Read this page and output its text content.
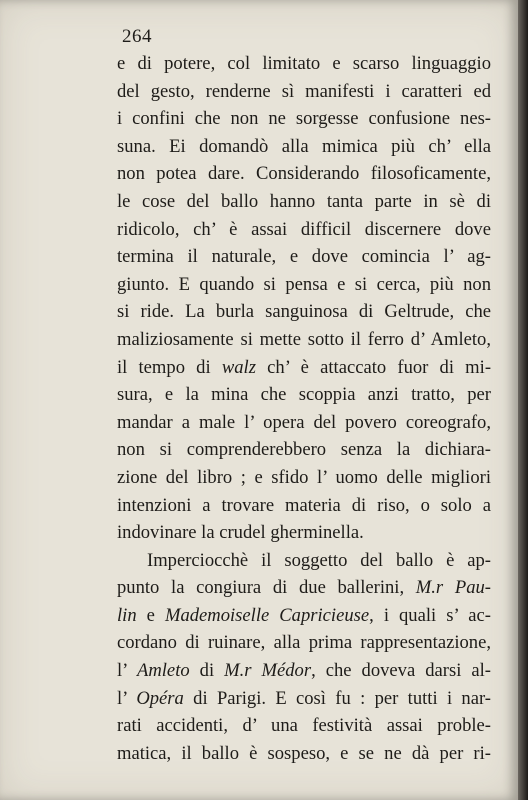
264
e di potere, col limitato e scarso linguaggio
del gesto, renderne sì manifesti i caratteri ed
i confini che non ne sorgesse confusione nes-
suna. Ei domandò alla mimica più ch’ ella
non potea dare. Considerando filosoficamente,
le cose del ballo hanno tanta parte in sè di
ridicolo, ch’ è assai difficil discernere dove
termina il naturale, e dove comincia l’ ag-
giunto. E quando si pensa e si cerca, più non
si ride. La burla sanguinosa di Geltrude, che
maliziosamente si mette sotto il ferro d’ Amleto,
il tempo di walz ch’ è attaccato fuor di mi-
sura, e la mina che scoppia anzi tratto, per
mandar a male l’ opera del povero coreografo,
non si comprenderebbero senza la dichiara-
zione del libro ; e sfido l’ uomo delle migliori
intenzioni a trovare materia di riso, o solo a
indovinare la crudel gherminella.
Imperciocchè il soggetto del ballo è ap-
punto la congiura di due ballerini, M.r Pau-
lin e Mademoiselle Capricieuse, i quali s’ ac-
cordano di ruinare, alla prima rappresentazione,
l’ Amleto di M.r Médor, che doveva darsi al-
l’ Opéra di Parigi. E così fu : per tutti i nar-
rati accidenti, d’ una festività assai proble-
matica, il ballo è sospeso, e se ne dà per ri-
